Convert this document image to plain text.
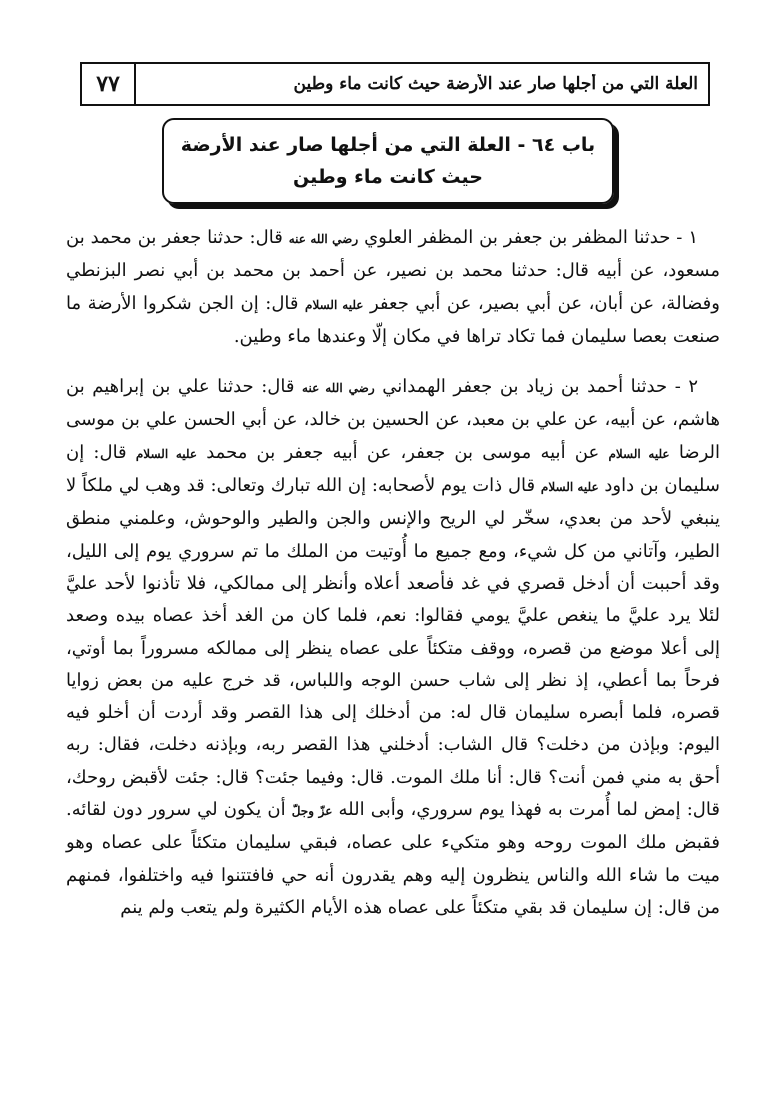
العلة التي من أجلها صار عند الأرضة حيث كانت ماء وطين
٧٧
باب ٦٤ - العلة التي من أجلها صار عند الأرضة
حيث كانت ماء وطين

١ - حدثنا المظفر بن جعفر بن المظفر العلوي رضي الله عنه قال: حدثنا جعفر بن محمد بن مسعود، عن أبيه قال: حدثنا محمد بن نصير، عن أحمد بن محمد بن أبي نصر البزنطي وفضالة، عن أبان، عن أبي بصير، عن أبي جعفر عليه السلام قال: إن الجن شكروا الأرضة ما صنعت بعصا سليمان فما تكاد تراها في مكان إلّا وعندها ماء وطين.

٢ - حدثنا أحمد بن زياد بن جعفر الهمداني رضي الله عنه قال: حدثنا علي بن إبراهيم بن هاشم، عن أبيه، عن علي بن معبد، عن الحسين بن خالد، عن أبي الحسن علي بن موسى الرضا عليه السلام عن أبيه موسى بن جعفر، عن أبيه جعفر بن محمد عليه السلام قال: إن سليمان بن داود عليه السلام قال ذات يوم لأصحابه: إن الله تبارك وتعالى: قد وهب لي ملكاً لا ينبغي لأحد من بعدي، سخّر لي الريح والإنس والجن والطير والوحوش، وعلمني منطق الطير، وآتاني من كل شيء، ومع جميع ما أُوتيت من الملك ما تم سروري يوم إلى الليل، وقد أحببت أن أدخل قصري في غد فأصعد أعلاه وأنظر إلى ممالكي، فلا تأذنوا لأحد عليَّ لئلا يرد عليَّ ما ينغص عليَّ يومي فقالوا: نعم، فلما كان من الغد أخذ عصاه بيده وصعد إلى أعلا موضع من قصره، ووقف متكئاً على عصاه ينظر إلى ممالكه مسروراً بما أوتي، فرحاً بما أعطي، إذ نظر إلى شاب حسن الوجه واللباس، قد خرج عليه من بعض زوايا قصره، فلما أبصره سليمان قال له: من أدخلك إلى هذا القصر وقد أردت أن أخلو فيه اليوم: وبإذن من دخلت؟ قال الشاب: أدخلني هذا القصر ربه، وبإذنه دخلت، فقال: ربه أحق به مني فمن أنت؟ قال: أنا ملك الموت. قال: وفيما جئت؟ قال: جئت لأقبض روحك، قال: إمض لما أُمرت به فهذا يوم سروري، وأبى الله عزّ وجلّ أن يكون لي سرور دون لقائه. فقبض ملك الموت روحه وهو متكيء على عصاه، فبقي سليمان متكئاً على عصاه وهو ميت ما شاء الله والناس ينظرون إليه وهم يقدرون أنه حي فافتتنوا فيه واختلفوا، فمنهم من قال: إن سليمان قد بقي متكئاً على عصاه هذه الأيام الكثيرة ولم يتعب ولم ينم
